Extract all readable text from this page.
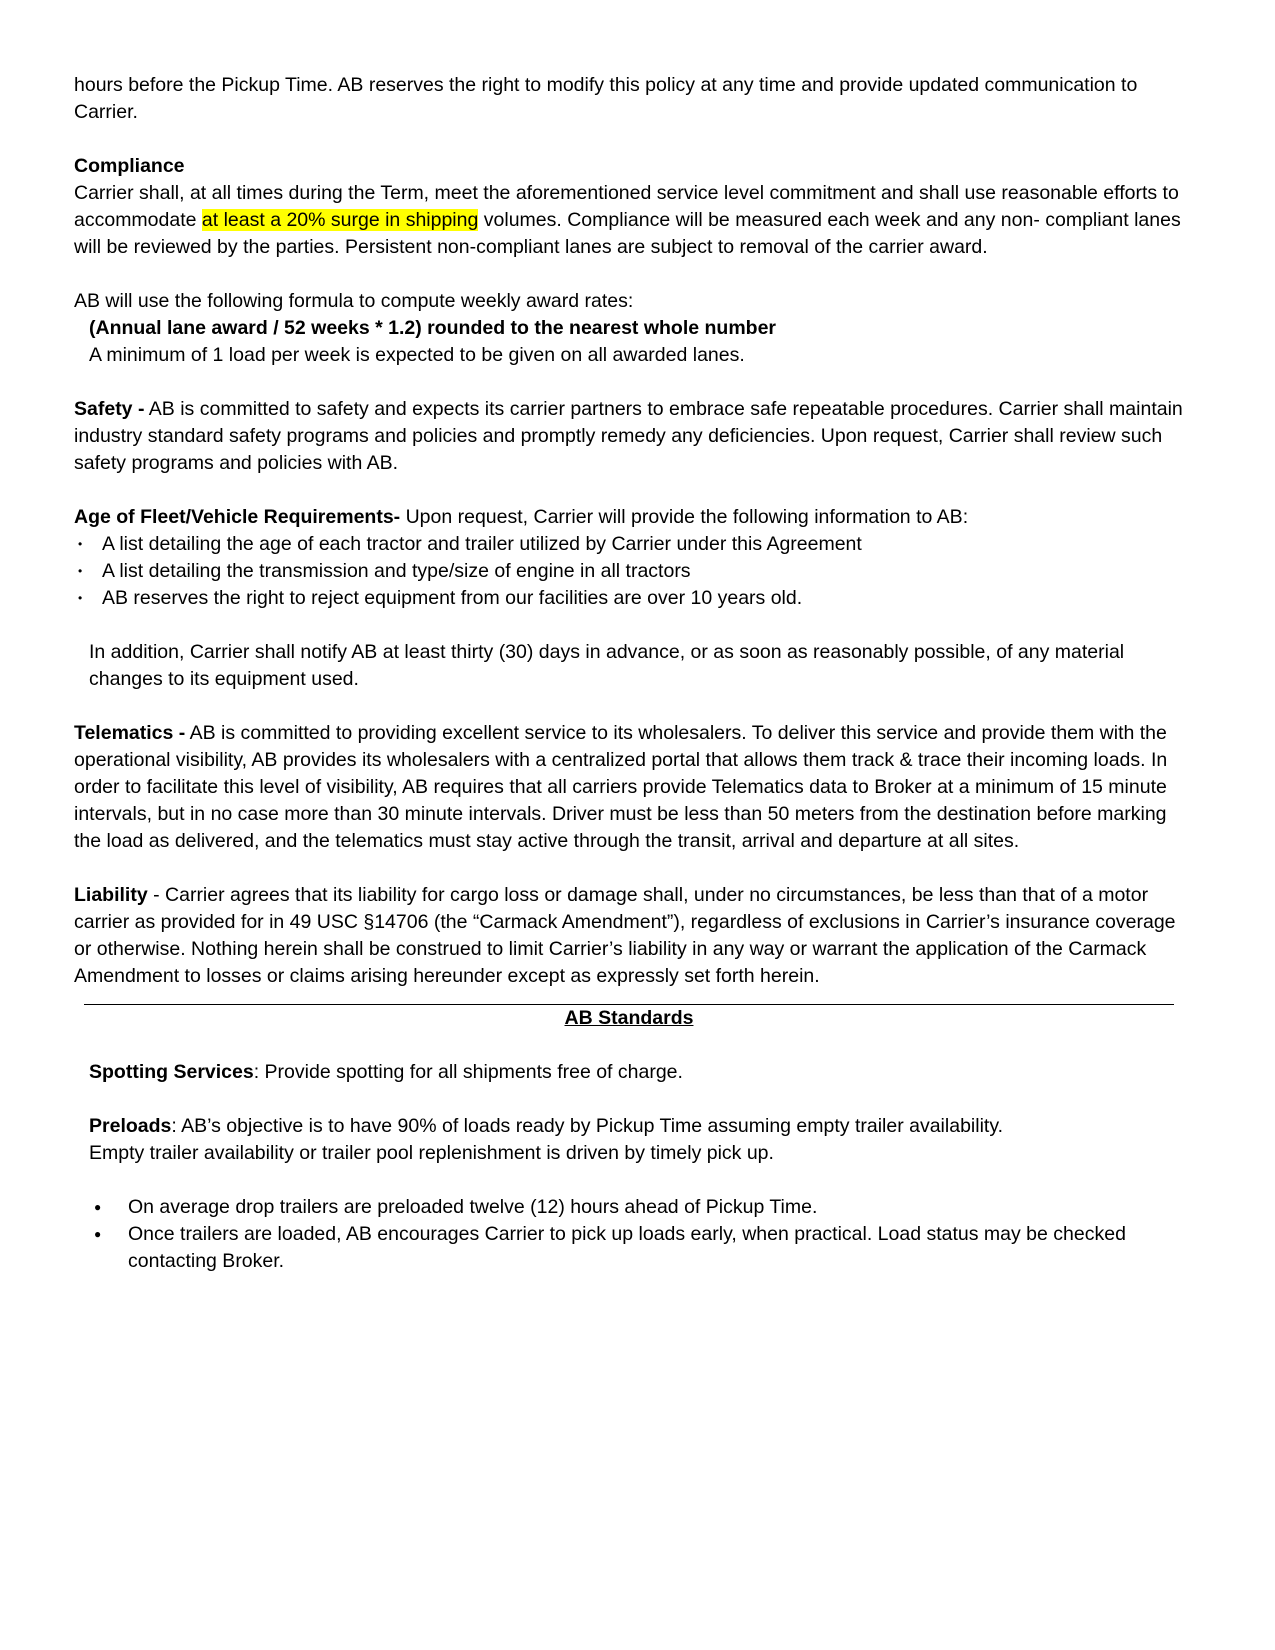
hours before the Pickup Time. AB reserves the right to modify this policy at any time and provide updated communication to Carrier.

Compliance

Carrier shall, at all times during the Term, meet the aforementioned service level commitment and shall use reasonable efforts to accommodate at least a 20% surge in shipping volumes. Compliance will be measured each week and any non- compliant lanes will be reviewed by the parties. Persistent non-compliant lanes are subject to removal of the carrier award.

AB will use the following formula to compute weekly award rates:

(Annual lane award / 52 weeks * 1.2) rounded to the nearest whole number

A minimum of 1 load per week is expected to be given on all awarded lanes.

Safety - AB is committed to safety and expects its carrier partners to embrace safe repeatable procedures. Carrier shall maintain industry standard safety programs and policies and promptly remedy any deficiencies. Upon request, Carrier shall review such safety programs and policies with AB.

Age of Fleet/Vehicle Requirements- Upon request, Carrier will provide the following information to AB:

• A list detailing the age of each tractor and trailer utilized by Carrier under this Agreement
• A list detailing the transmission and type/size of engine in all tractors
• AB reserves the right to reject equipment from our facilities are over 10 years old.

In addition, Carrier shall notify AB at least thirty (30) days in advance, or as soon as reasonably possible, of any material changes to its equipment used.

Telematics - AB is committed to providing excellent service to its wholesalers. To deliver this service and provide them with the operational visibility, AB provides its wholesalers with a centralized portal that allows them track & trace their incoming loads. In order to facilitate this level of visibility, AB requires that all carriers provide Telematics data to Broker at a minimum of 15 minute intervals, but in no case more than 30 minute intervals. Driver must be less than 50 meters from the destination before marking the load as delivered, and the telematics must stay active through the transit, arrival and departure at all sites.

Liability - Carrier agrees that its liability for cargo loss or damage shall, under no circumstances, be less than that of a motor carrier as provided for in 49 USC §14706 (the “Carmack Amendment”), regardless of exclusions in Carrier’s insurance coverage or otherwise. Nothing herein shall be construed to limit Carrier’s liability in any way or warrant the application of the Carmack Amendment to losses or claims arising hereunder except as expressly set forth herein.

AB Standards

Spotting Services: Provide spotting for all shipments free of charge.

Preloads: AB’s objective is to have 90% of loads ready by Pickup Time assuming empty trailer availability.

Empty trailer availability or trailer pool replenishment is driven by timely pick up.

● On average drop trailers are preloaded twelve (12) hours ahead of Pickup Time.
● Once trailers are loaded, AB encourages Carrier to pick up loads early, when practical. Load status may be checked contacting Broker.
